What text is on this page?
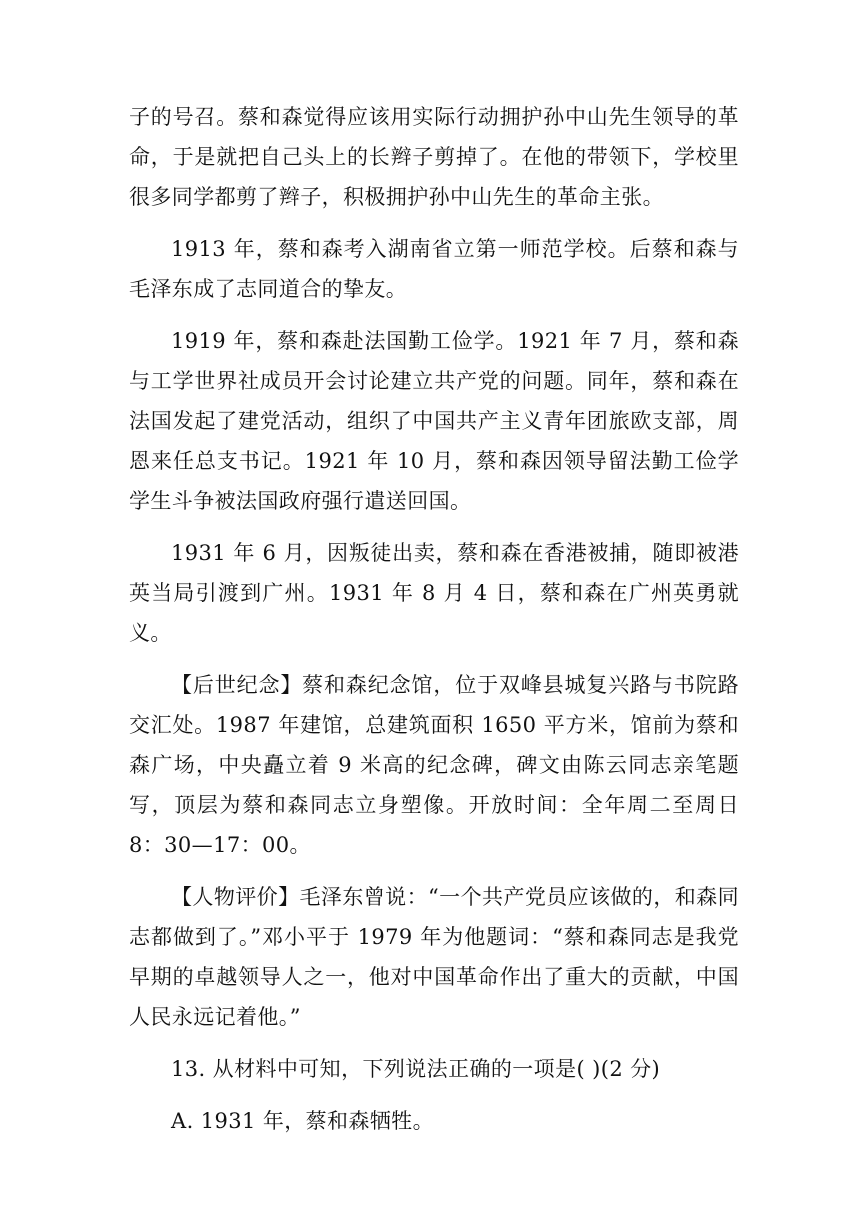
子的号召。蔡和森觉得应该用实际行动拥护孙中山先生领导的革命，于是就把自己头上的长辫子剪掉了。在他的带领下，学校里很多同学都剪了辫子，积极拥护孙中山先生的革命主张。

1913 年，蔡和森考入湖南省立第一师范学校。后蔡和森与毛泽东成了志同道合的挚友。

1919 年，蔡和森赴法国勤工俭学。1921 年 7 月，蔡和森与工学世界社成员开会讨论建立共产党的问题。同年，蔡和森在法国发起了建党活动，组织了中国共产主义青年团旅欧支部，周恩来任总支书记。1921 年 10 月，蔡和森因领导留法勤工俭学学生斗争被法国政府强行遣送回国。

1931 年 6 月，因叛徒出卖，蔡和森在香港被捕，随即被港英当局引渡到广州。1931 年 8 月 4 日，蔡和森在广州英勇就义。

【后世纪念】蔡和森纪念馆，位于双峰县城复兴路与书院路交汇处。1987 年建馆，总建筑面积 1650 平方米，馆前为蔡和森广场，中央矗立着 9 米高的纪念碑，碑文由陈云同志亲笔题写，顶层为蔡和森同志立身塑像。开放时间：全年周二至周日 8：30—17：00。

【人物评价】毛泽东曾说：“一个共产党员应该做的，和森同志都做到了。”邓小平于 1979 年为他题词：“蔡和森同志是我党早期的卓越领导人之一，他对中国革命作出了重大的贡献，中国人民永远记着他。”

13. 从材料中可知，下列说法正确的一项是( )(2 分)

A. 1931 年，蔡和森牺牲。
